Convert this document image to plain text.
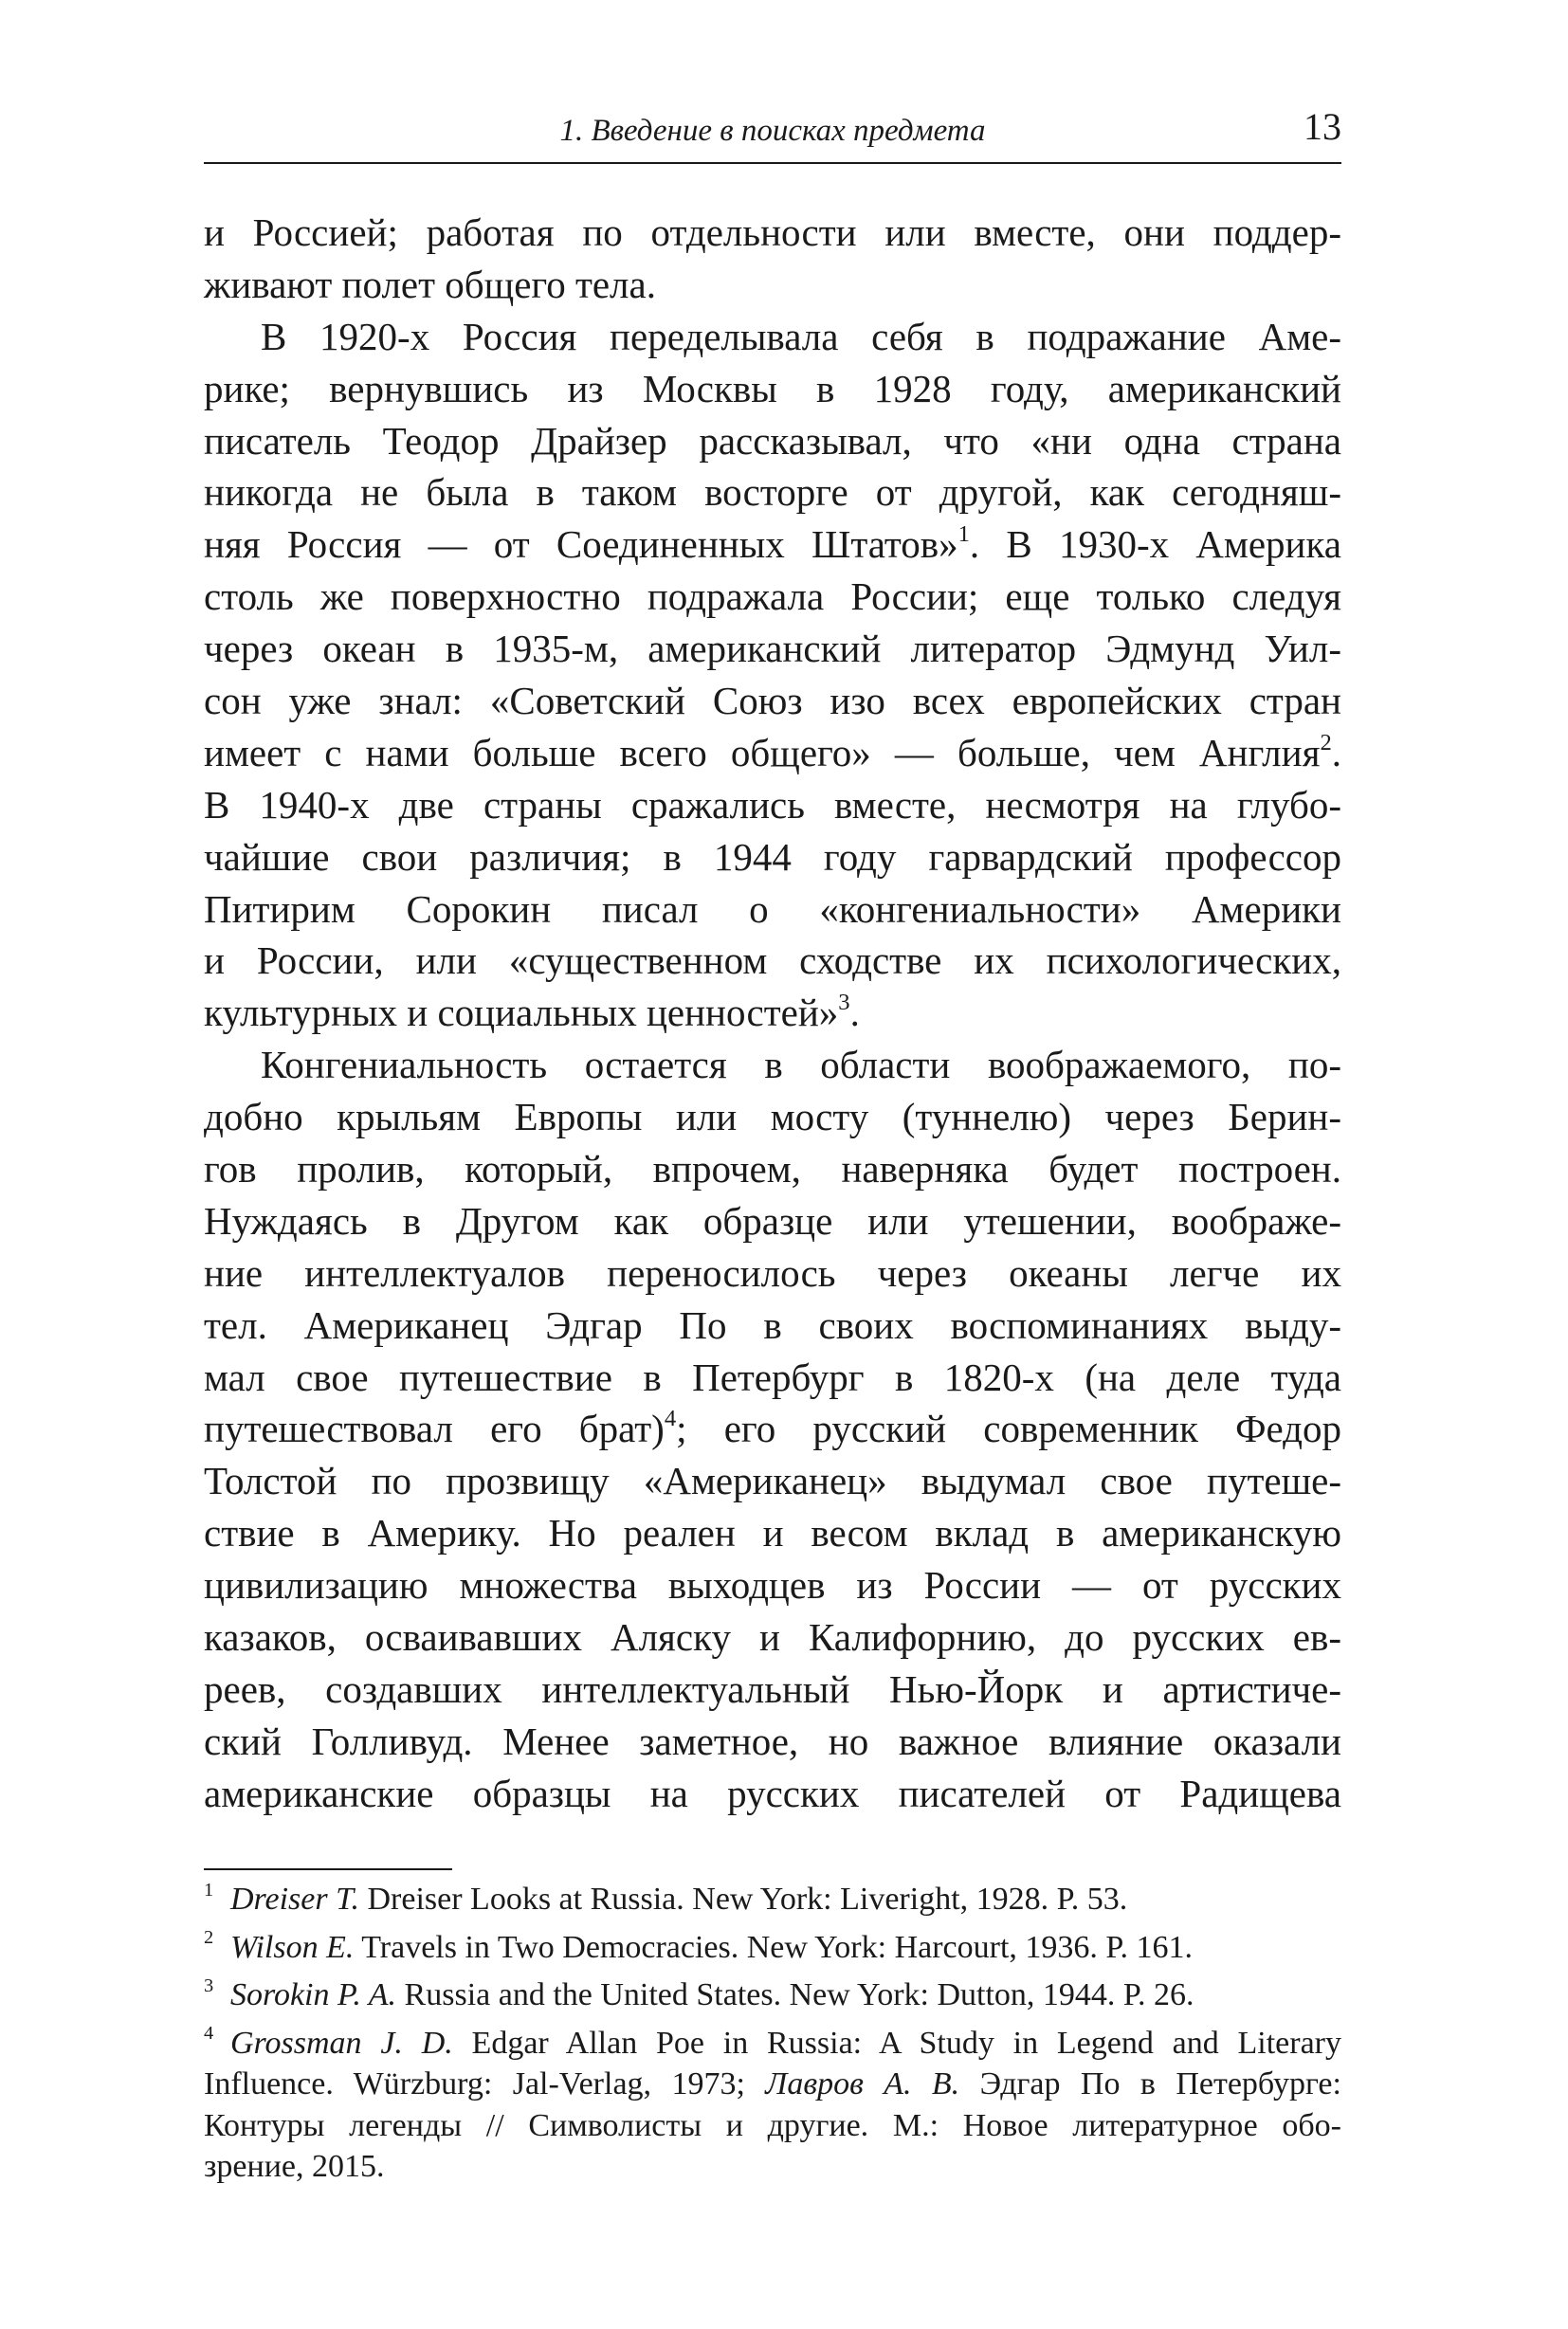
1. Введение в поисках предмета	13
и Россией; работая по отдельности или вместе, они поддер-
живают полет общего тела.
В 1920-х Россия переделывала себя в подражание Аме-
рике; вернувшись из Москвы в 1928 году, американский
писатель Теодор Драйзер рассказывал, что «ни одна страна
никогда не была в таком восторге от другой, как сегодняш-
няя Россия — от Соединенных Штатов»$^1$. В 1930-х Америка
столь же поверхностно подражала России; еще только следуя
через океан в 1935-м, американский литератор Эдмунд Уил-
сон уже знал: «Советский Союз изо всех европейских стран
имеет с нами больше всего общего» — больше, чем Англия$^2$.
В 1940-х две страны сражались вместе, несмотря на глубо-
чайшие свои различия; в 1944 году гарвардский профессор
Питирим Сорокин писал о «конгениальности» Америки
и России, или «существенном сходстве их психологических,
культурных и социальных ценностей»$^3$.
Конгениальность остается в области воображаемого, по-
добно крыльям Европы или мосту (туннелю) через Берин-
гов пролив, который, впрочем, наверняка будет построен.
Нуждаясь в Другом как образце или утешении, воображе-
ние интеллектуалов переносилось через океаны легче их
тел. Американец Эдгар По в своих воспоминаниях выду-
мал свое путешествие в Петербург в 1820-х (на деле туда
путешествовал его брат)$^4$; его русский современник Федор
Толстой по прозвищу «Американец» выдумал свое путеше-
ствие в Америку. Но реален и весом вклад в американскую
цивилизацию множества выходцев из России — от русских
казаков, осваивавших Аляску и Калифорнию, до русских ев-
реев, создавших интеллектуальный Нью-Йорк и артистиче-
ский Голливуд. Менее заметное, но важное влияние оказали
американские образцы на русских писателей от Радищева
1 Dreiser T. Dreiser Looks at Russia. New York: Liveright, 1928. P. 53.
2 Wilson E. Travels in Two Democracies. New York: Harcourt, 1936. P. 161.
3 Sorokin P. A. Russia and the United States. New York: Dutton, 1944. P. 26.
4 Grossman J. D. Edgar Allan Poe in Russia: A Study in Legend and Literary
Influence. Würzburg: Jal-Verlag, 1973; Лавров А. В. Эдгар По в Петербурге:
Контуры легенды // Символисты и другие. М.: Новое литературное обо-
зрение, 2015.
